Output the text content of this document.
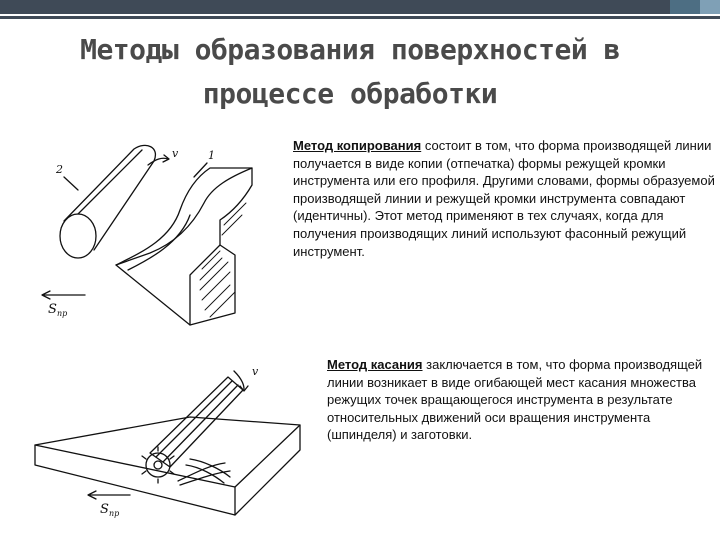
Методы образования поверхностей в
процессе обработки
2
1
v
S пр
Метод копирования состоит в том, что форма производящей линии получается в виде копии (отпечатка) формы режущей кромки инструмента или его профиля. Другими словами, формы образуемой производящей линии и режущей кромки инструмента совпадают (идентичны). Этот метод применяют в тех случаях, когда для получения производящих линий используют фасонный режущий инструмент.
v
S пр
Метод касания заключается в том, что форма производящей линии возникает в виде огибающей мест касания множества режущих точек вращающегося инструмента в результате относительных движений оси вращения инструмента (шпинделя) и заготовки.
